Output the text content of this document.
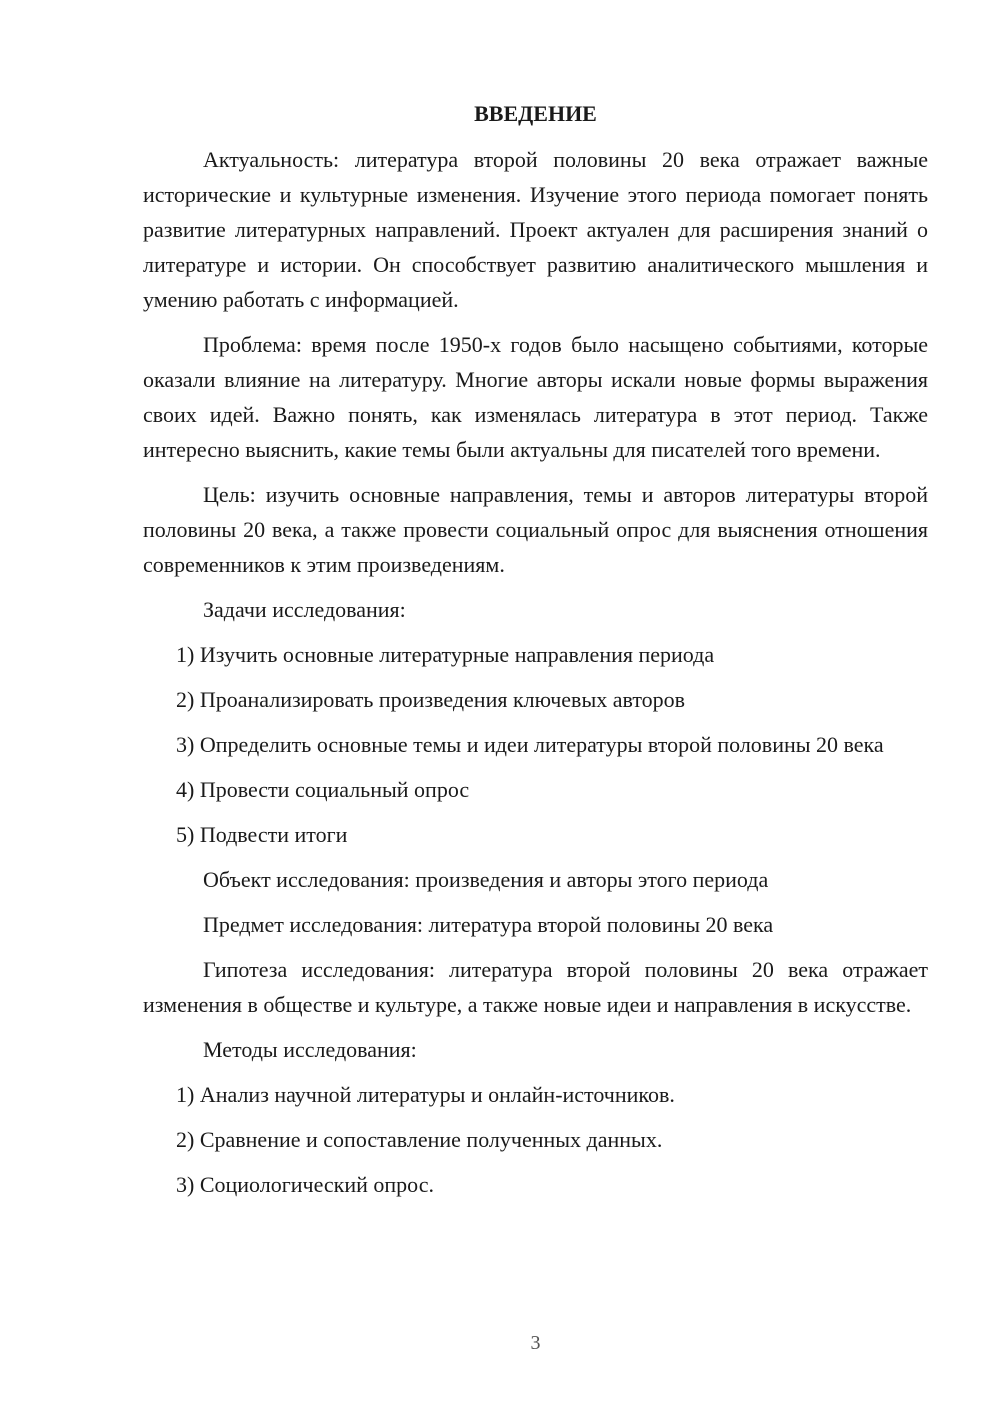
ВВЕДЕНИЕ

Актуальность: литература второй половины 20 века отражает важные исторические и культурные изменения. Изучение этого периода помогает понять развитие литературных направлений. Проект актуален для расширения знаний о литературе и истории. Он способствует развитию аналитического мышления и умению работать с информацией.

Проблема: время после 1950-х годов было насыщено событиями, которые оказали влияние на литературу. Многие авторы искали новые формы выражения своих идей. Важно понять, как изменялась литература в этот период. Также интересно выяснить, какие темы были актуальны для писателей того времени.

Цель: изучить основные направления, темы и авторов литературы второй половины 20 века, а также провести социальный опрос для выяснения отношения современников к этим произведениям.

Задачи исследования:

1) Изучить основные литературные направления периода

2) Проанализировать произведения ключевых авторов

3) Определить основные темы и идеи литературы второй половины 20 века

4) Провести социальный опрос

5) Подвести итоги

Объект исследования: произведения и авторы этого периода

Предмет исследования: литература второй половины 20 века

Гипотеза исследования: литература второй половины 20 века отражает изменения в обществе и культуре, а также новые идеи и направления в искусстве.

Методы исследования:

1) Анализ научной литературы и онлайн-источников.

2) Сравнение и сопоставление полученных данных.

3) Социологический опрос.

3
